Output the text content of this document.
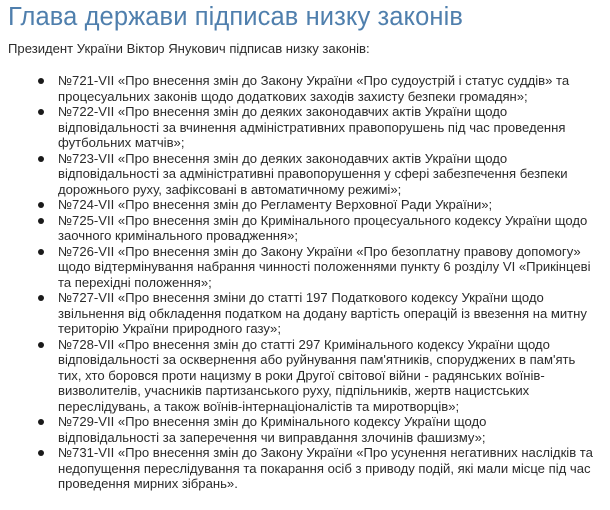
Глава держави підписав низку законів

Президент України Віктор Янукович підписав низку законів:

№721-VII «Про внесення змін до Закону України «Про судоустрій і статус суддів» та
процесуальних законів щодо додаткових заходів захисту безпеки громадян»;
№722-VII «Про внесення змін до деяких законодавчих актів України щодо
відповідальності за вчинення адміністративних правопорушень під час проведення
футбольних матчів»;
№723-VII «Про внесення змін до деяких законодавчих актів України щодо
відповідальності за адміністративні правопорушення у сфері забезпечення безпеки
дорожнього руху, зафіксовані в автоматичному режимі»;
№724-VII «Про внесення змін до Регламенту Верховної Ради України»;
№725-VII «Про внесення змін до Кримінального процесуального кодексу України щодо
заочного кримінального провадження»;
№726-VII «Про внесення змін до Закону України «Про безоплатну правову допомогу»
щодо відтермінування набрання чинності положеннями пункту 6 розділу VI «Прикінцеві
та перехідні положення»;
№727-VII «Про внесення зміни до статті 197 Податкового кодексу України щодо
звільнення від обкладення податком на додану вартість операцій із ввезення на митну
територію України природного газу»;
№728-VII «Про внесення змін до статті 297 Кримінального кодексу України щодо
відповідальності за осквернення або руйнування пам'ятників, споруджених в пам'ять
тих, хто боровся проти нацизму в роки Другої світової війни - радянських воїнів-
визволителів, учасників партизанського руху, підпільників, жертв нацистських
переслідувань, а також воїнів-інтернаціоналістів та миротворців»;
№729-VII «Про внесення змін до Кримінального кодексу України щодо
відповідальності за заперечення чи виправдання злочинів фашизму»;
№731-VII «Про внесення змін до Закону України «Про усунення негативних наслідків та
недопущення переслідування та покарання осіб з приводу подій, які мали місце під час
проведення мирних зібрань».
